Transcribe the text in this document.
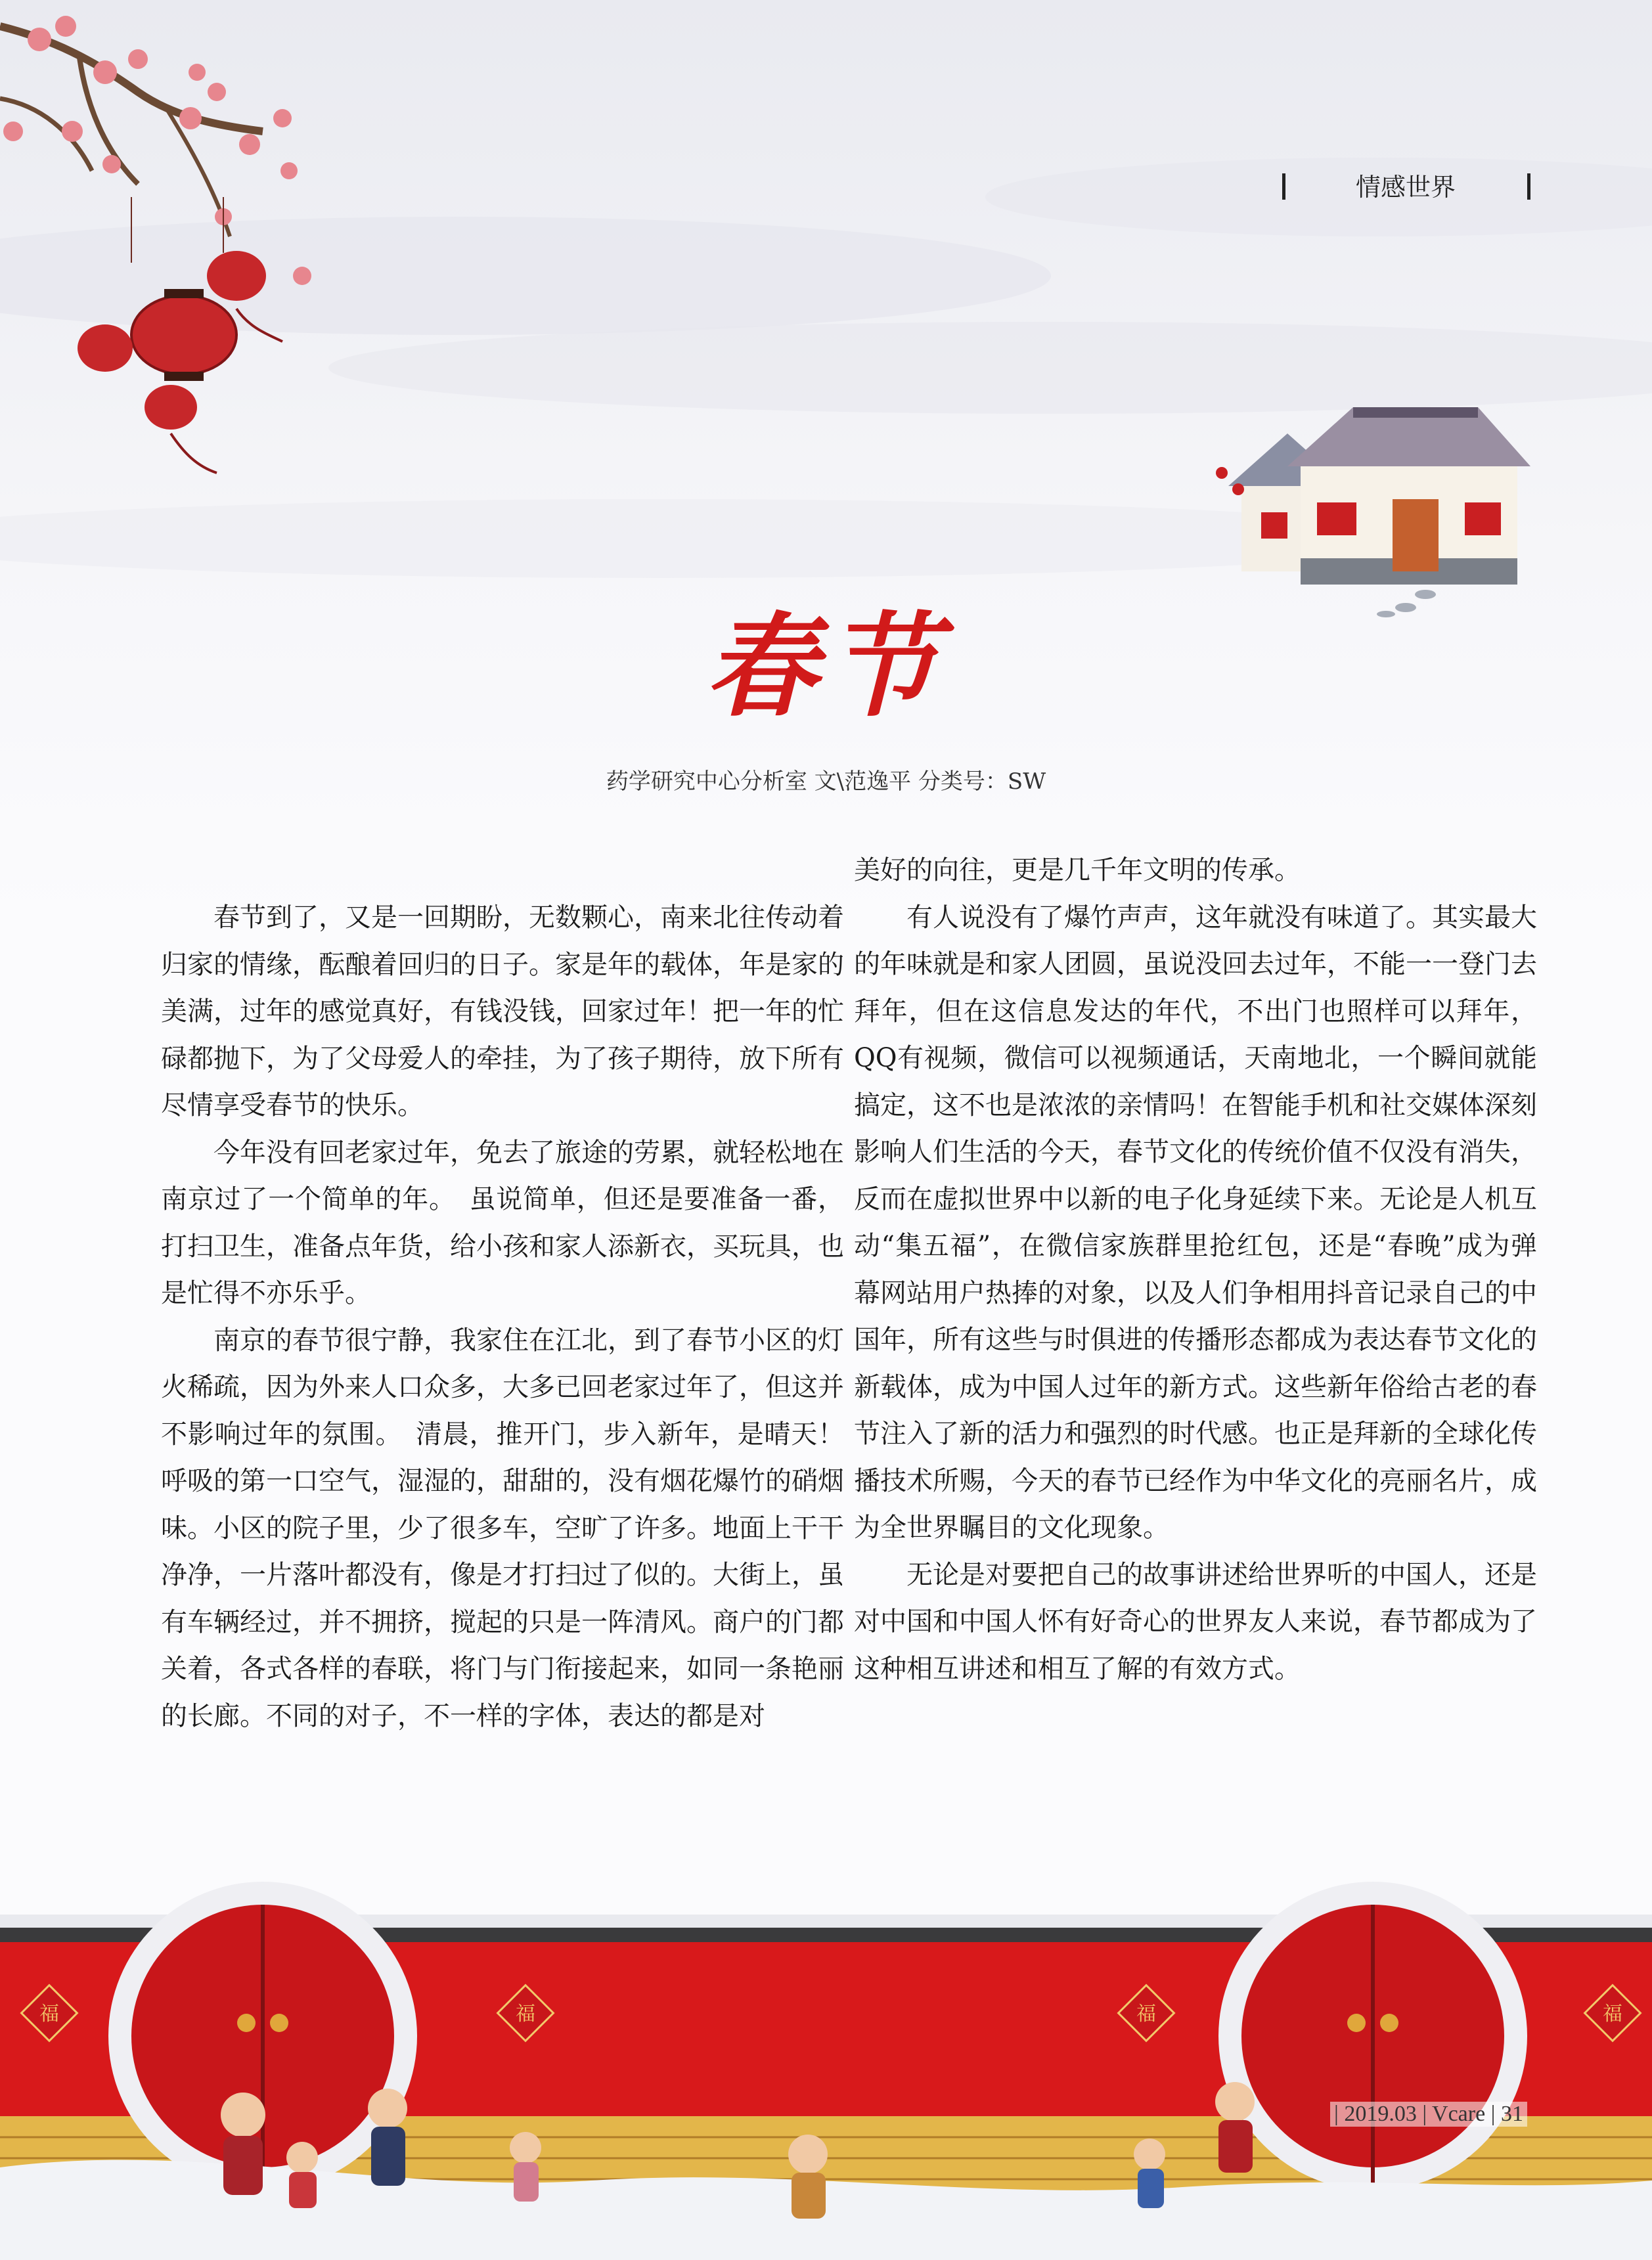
情感世界
春节
药学研究中心分析室 文\范逸平 分类号：SW

春节到了，又是一回期盼，无数颗心，南来北往传动着归家的情缘，酝酿着回归的日子。家是年的载体，年是家的美满，过年的感觉真好，有钱没钱，回家过年！把一年的忙碌都抛下，为了父母爱人的牵挂，为了孩子期待，放下所有尽情享受春节的快乐。

今年没有回老家过年，免去了旅途的劳累，就轻松地在南京过了一个简单的年。　虽说简单，但还是要准备一番，打扫卫生，准备点年货，给小孩和家人添新衣，买玩具，也是忙得不亦乐乎。

南京的春节很宁静，我家住在江北，到了春节小区的灯火稀疏，因为外来人口众多，大多已回老家过年了，但这并不影响过年的氛围。　清晨，推开门，步入新年，是晴天！呼吸的第一口空气，湿湿的，甜甜的，没有烟花爆竹的硝烟味。小区的院子里，少了很多车，空旷了许多。地面上干干净净，一片落叶都没有，像是才打扫过了似的。大街上，虽有车辆经过，并不拥挤，搅起的只是一阵清风。商户的门都关着，各式各样的春联，将门与门衔接起来，如同一条艳丽的长廊。不同的对子，不一样的字体，表达的都是对

美好的向往，更是几千年文明的传承。

有人说没有了爆竹声声，这年就没有味道了。其实最大的年味就是和家人团圆，虽说没回去过年，不能一一登门去拜年，但在这信息发达的年代，不出门也照样可以拜年，QQ有视频，微信可以视频通话，天南地北，一个瞬间就能搞定，这不也是浓浓的亲情吗！在智能手机和社交媒体深刻影响人们生活的今天，春节文化的传统价值不仅没有消失，反而在虚拟世界中以新的电子化身延续下来。无论是人机互动“集五福”，在微信家族群里抢红包，还是“春晚”成为弹幕网站用户热捧的对象，以及人们争相用抖音记录自己的中国年，所有这些与时俱进的传播形态都成为表达春节文化的新载体，成为中国人过年的新方式。这些新年俗给古老的春节注入了新的活力和强烈的时代感。也正是拜新的全球化传播技术所赐，今天的春节已经作为中华文化的亮丽名片，成为全世界瞩目的文化现象。

无论是对要把自己的故事讲述给世界听的中国人，还是对中国和中国人怀有好奇心的世界友人来说，春节都成为了这种相互讲述和相互了解的有效方式。

福	福	福	福
| 2019.03 | Vcare | 31
